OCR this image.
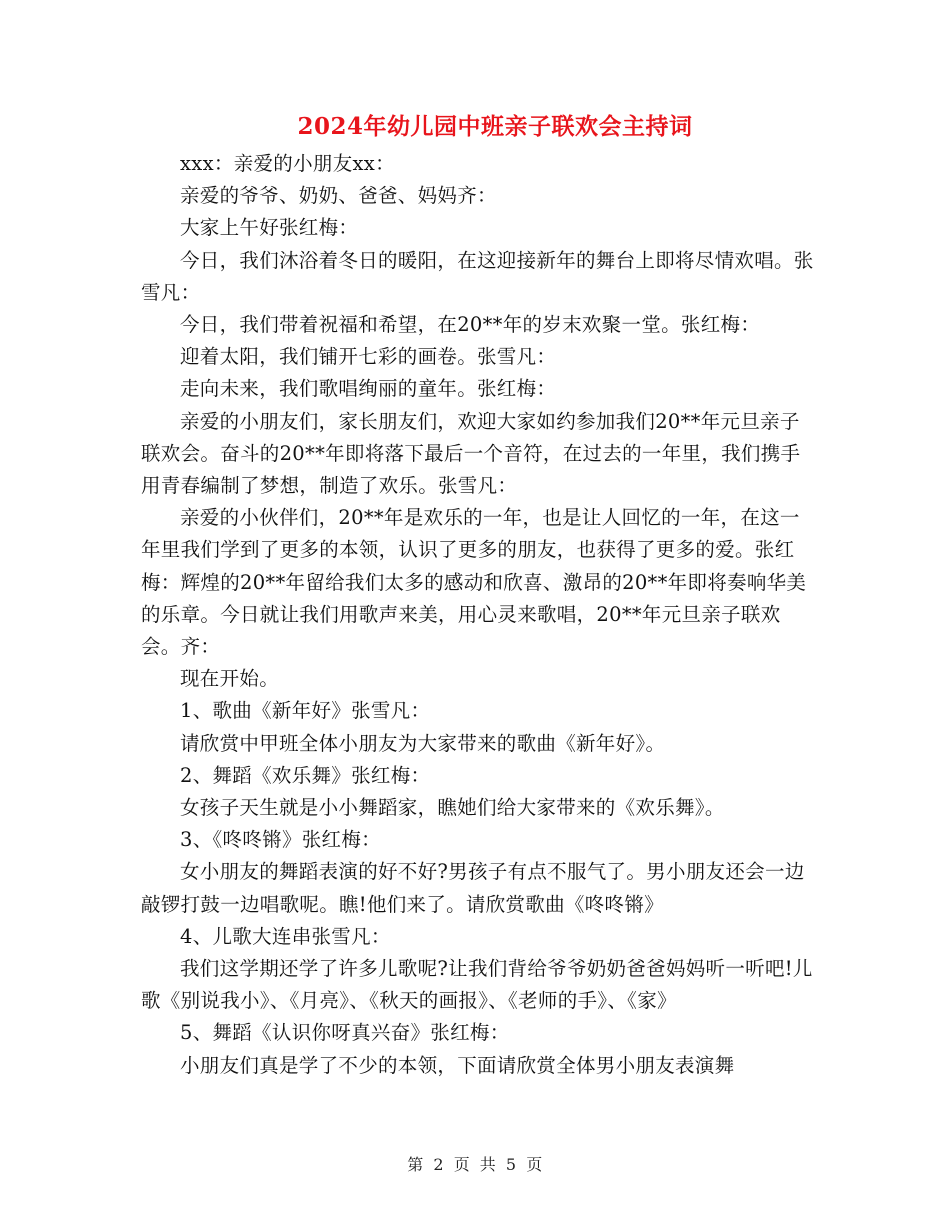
2024年幼儿园中班亲子联欢会主持词

xxx：亲爱的小朋友xx：

亲爱的爷爷、奶奶、爸爸、妈妈齐：

大家上午好张红梅：

今日，我们沐浴着冬日的暖阳，在这迎接新年的舞台上即将尽情欢唱。张雪凡：

今日，我们带着祝福和希望，在20**年的岁末欢聚一堂。张红梅：

迎着太阳，我们铺开七彩的画卷。张雪凡：

走向未来，我们歌唱绚丽的童年。张红梅：

亲爱的小朋友们，家长朋友们，欢迎大家如约参加我们20**年元旦亲子联欢会。奋斗的20**年即将落下最后一个音符，在过去的一年里，我们携手用青春编制了梦想，制造了欢乐。张雪凡：

亲爱的小伙伴们，20**年是欢乐的一年，也是让人回忆的一年，在这一年里我们学到了更多的本领，认识了更多的朋友，也获得了更多的爱。张红梅：辉煌的20**年留给我们太多的感动和欣喜、激昂的20**年即将奏响华美的乐章。今日就让我们用歌声来美，用心灵来歌唱，20**年元旦亲子联欢会。齐：

现在开始。

1、歌曲《新年好》张雪凡：

请欣赏中甲班全体小朋友为大家带来的歌曲《新年好》。

2、舞蹈《欢乐舞》张红梅：

女孩子天生就是小小舞蹈家，瞧她们给大家带来的《欢乐舞》。

3、《咚咚锵》张红梅：

女小朋友的舞蹈表演的好不好?男孩子有点不服气了。男小朋友还会一边敲锣打鼓一边唱歌呢。瞧!他们来了。请欣赏歌曲《咚咚锵》

4、儿歌大连串张雪凡：

我们这学期还学了许多儿歌呢?让我们背给爷爷奶奶爸爸妈妈听一听吧!儿歌《别说我小》、《月亮》、《秋天的画报》、《老师的手》、《家》

5、舞蹈《认识你呀真兴奋》张红梅：

小朋友们真是学了不少的本领，下面请欣赏全体男小朋友表演舞

第 2 页 共 5 页
